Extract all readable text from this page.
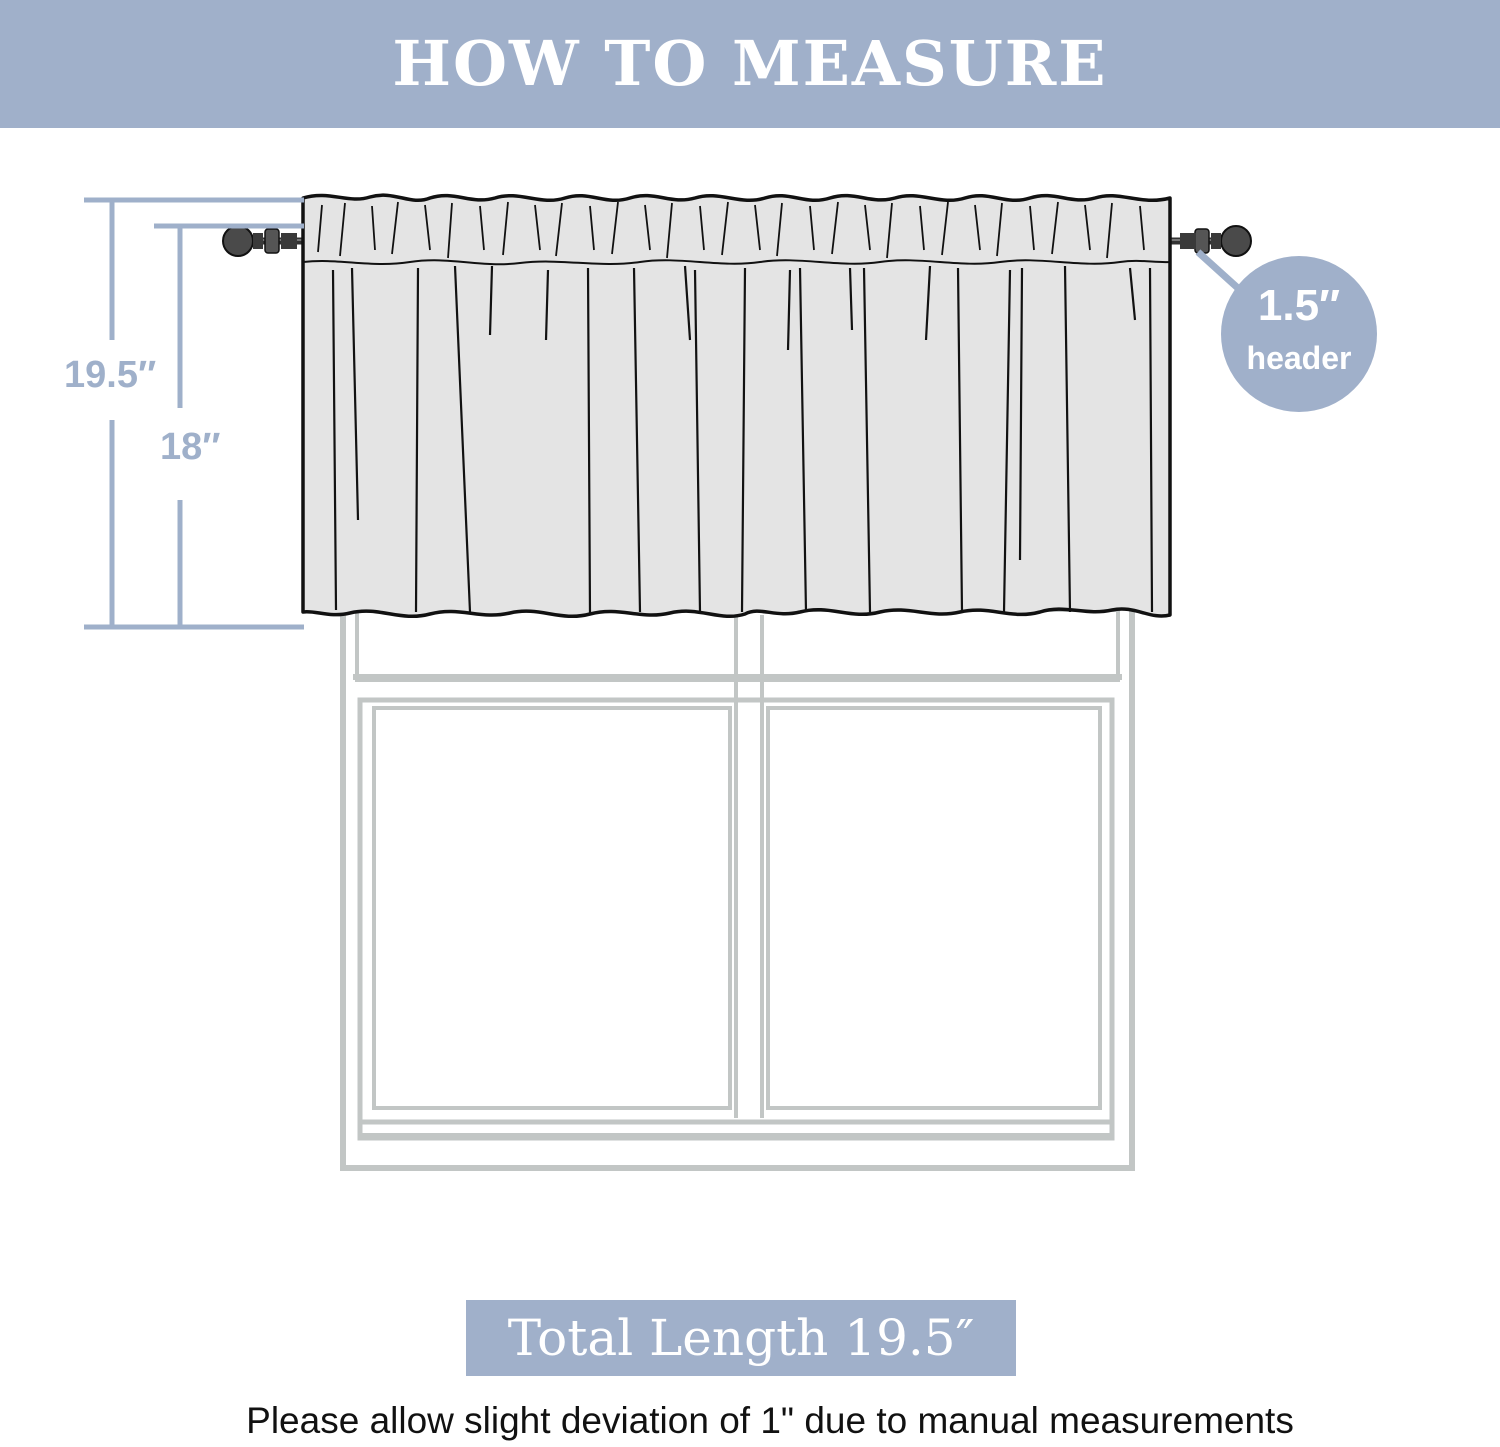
HOW TO MEASURE
19.5″
18″
1.5″
header
Total Length 19.5″
Please allow slight deviation of 1" due to manual measurements
